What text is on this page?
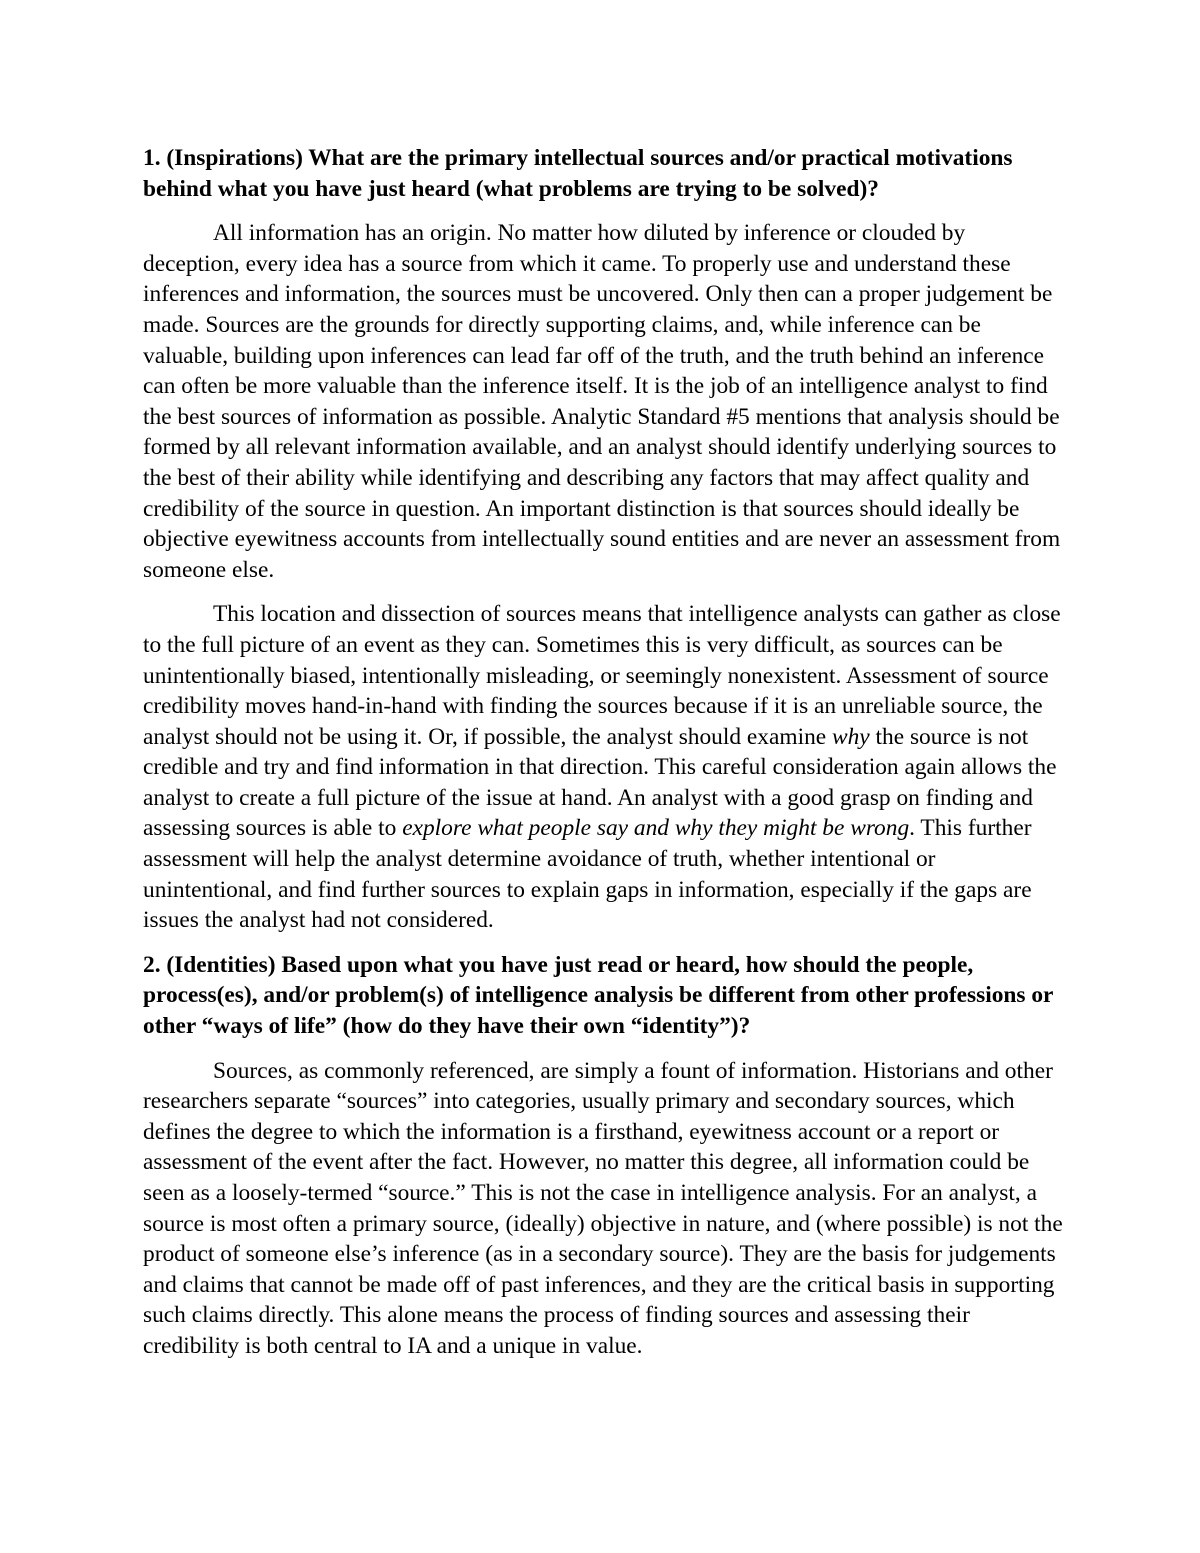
1. (Inspirations) What are the primary intellectual sources and/or practical motivations behind what you have just heard (what problems are trying to be solved)?

All information has an origin. No matter how diluted by inference or clouded by deception, every idea has a source from which it came. To properly use and understand these inferences and information, the sources must be uncovered. Only then can a proper judgement be made. Sources are the grounds for directly supporting claims, and, while inference can be valuable, building upon inferences can lead far off of the truth, and the truth behind an inference can often be more valuable than the inference itself. It is the job of an intelligence analyst to find the best sources of information as possible. Analytic Standard #5 mentions that analysis should be formed by all relevant information available, and an analyst should identify underlying sources to the best of their ability while identifying and describing any factors that may affect quality and credibility of the source in question. An important distinction is that sources should ideally be objective eyewitness accounts from intellectually sound entities and are never an assessment from someone else.

This location and dissection of sources means that intelligence analysts can gather as close to the full picture of an event as they can. Sometimes this is very difficult, as sources can be unintentionally biased, intentionally misleading, or seemingly nonexistent. Assessment of source credibility moves hand-in-hand with finding the sources because if it is an unreliable source, the analyst should not be using it. Or, if possible, the analyst should examine why the source is not credible and try and find information in that direction. This careful consideration again allows the analyst to create a full picture of the issue at hand. An analyst with a good grasp on finding and assessing sources is able to explore what people say and why they might be wrong. This further assessment will help the analyst determine avoidance of truth, whether intentional or unintentional, and find further sources to explain gaps in information, especially if the gaps are issues the analyst had not considered.

2. (Identities) Based upon what you have just read or heard, how should the people, process(es), and/or problem(s) of intelligence analysis be different from other professions or other “ways of life” (how do they have their own “identity”)?

Sources, as commonly referenced, are simply a fount of information. Historians and other researchers separate “sources” into categories, usually primary and secondary sources, which defines the degree to which the information is a firsthand, eyewitness account or a report or assessment of the event after the fact. However, no matter this degree, all information could be seen as a loosely-termed “source.” This is not the case in intelligence analysis. For an analyst, a source is most often a primary source, (ideally) objective in nature, and (where possible) is not the product of someone else’s inference (as in a secondary source). They are the basis for judgements and claims that cannot be made off of past inferences, and they are the critical basis in supporting such claims directly. This alone means the process of finding sources and assessing their credibility is both central to IA and a unique in value.
